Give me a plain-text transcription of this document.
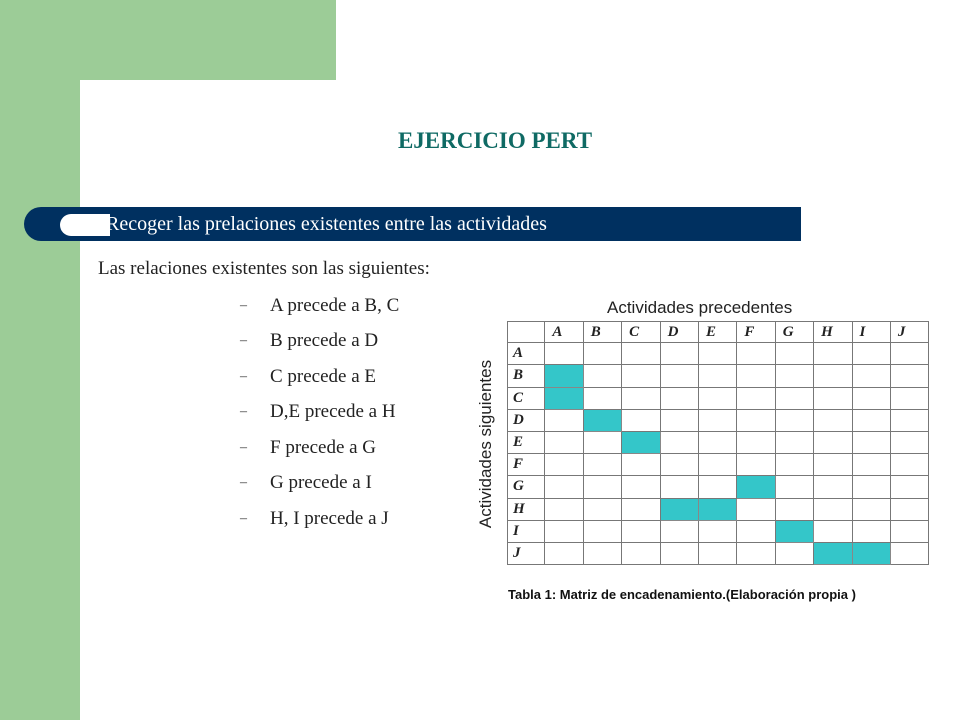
EJERCICIO PERT
Recoger las prelaciones existentes entre las actividades
Las relaciones existentes son las siguientes:
–	A precede a B, C
–	B precede a D
–	C precede a E
–	D,E precede a H
–	F precede a G
–	G precede a I
–	H, I precede a J
Actividades precedentes
Actividades siguientes
	A	B	C	D	E	F	G	H	I	J
A										
B										
C										
D										
E										
F										
G										
H										
I										
J										
Tabla 1: Matriz de encadenamiento.(Elaboración propia )
